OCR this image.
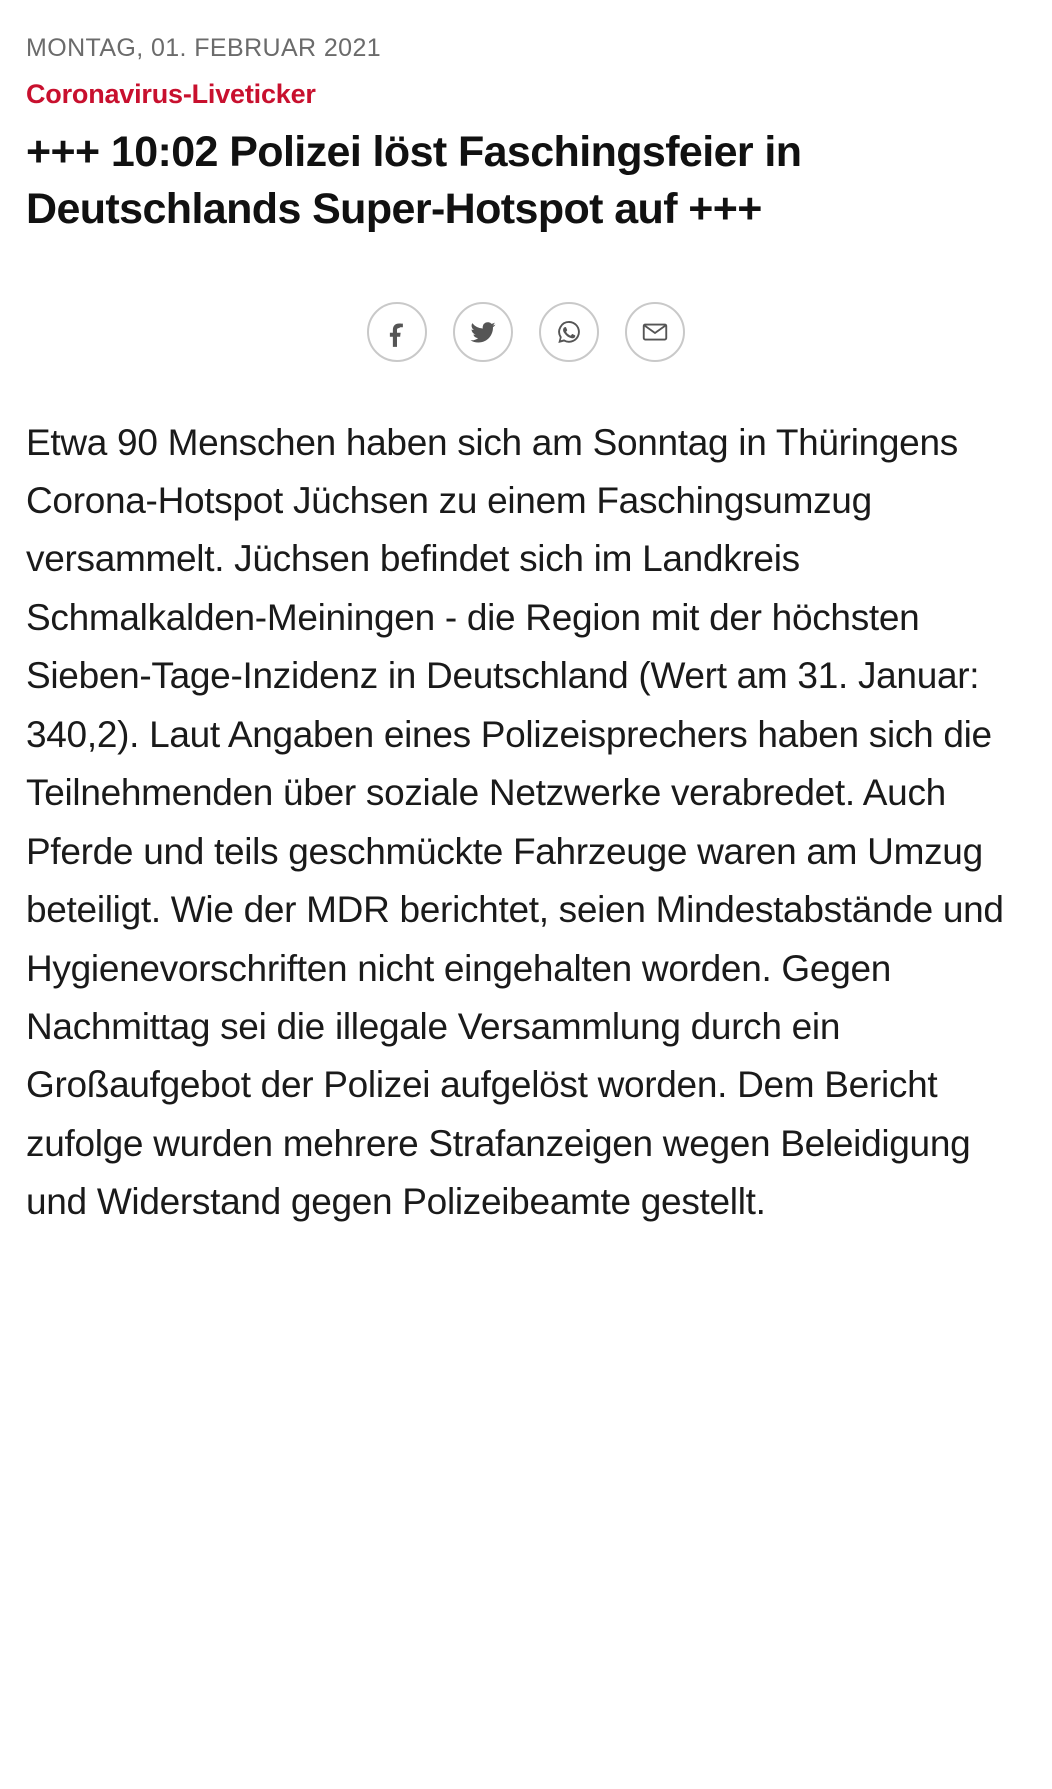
MONTAG, 01. FEBRUAR 2021
Coronavirus-Liveticker
+++ 10:02 Polizei löst Faschingsfeier in Deutschlands Super-Hotspot auf +++

Etwa 90 Menschen haben sich am Sonntag in Thüringens Corona-Hotspot Jüchsen zu einem Faschingsumzug versammelt. Jüchsen befindet sich im Landkreis Schmalkalden-Meiningen - die Region mit der höchsten Sieben-Tage-Inzidenz in Deutschland (Wert am 31. Januar: 340,2). Laut Angaben eines Polizeisprechers haben sich die Teilnehmenden über soziale Netzwerke verabredet. Auch Pferde und teils geschmückte Fahrzeuge waren am Umzug beteiligt. Wie der MDR berichtet, seien Mindestabstände und Hygienevorschriften nicht eingehalten worden. Gegen Nachmittag sei die illegale Versammlung durch ein Großaufgebot der Polizei aufgelöst worden. Dem Bericht zufolge wurden mehrere Strafanzeigen wegen Beleidigung und Widerstand gegen Polizeibeamte gestellt.
